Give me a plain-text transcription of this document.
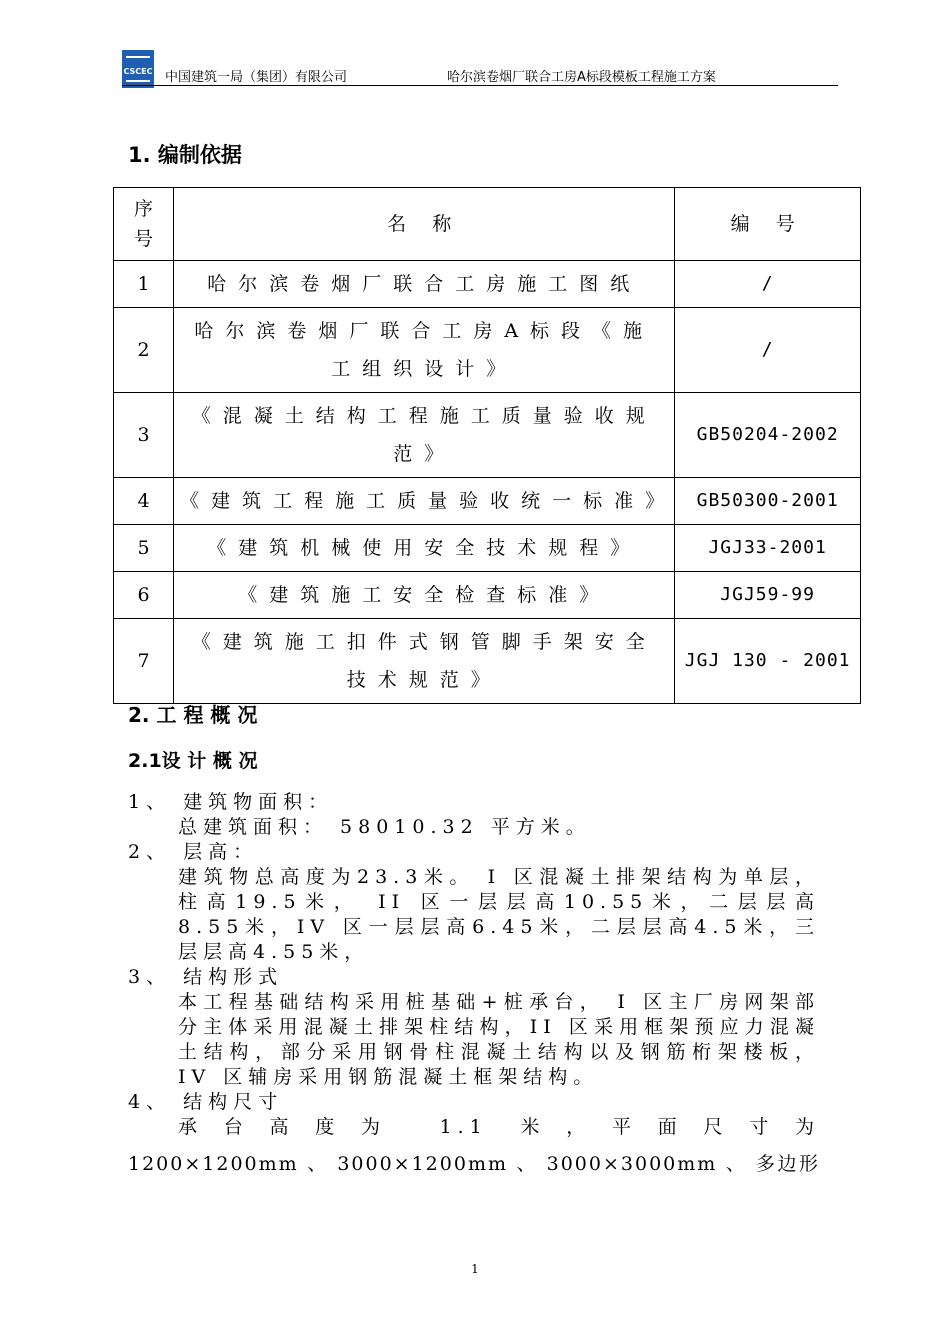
CSCEC 中国建筑一局（集团）有限公司	哈尔滨卷烟厂联合工房A标段模板工程施工方案
1. 编制依据
序号	名 称	编 号
1	哈尔滨卷烟厂联合工房施工图纸	/
2	哈尔滨卷烟厂联合工房A标段《施工组织设计》	/
3	《混凝土结构工程施工质量验收规范》	GB50204-2002
4	《建筑工程施工质量验收统一标准》	GB50300-2001
5	《建筑机械使用安全技术规程》	JGJ33-2001
6	《建筑施工安全检查标准》	JGJ59-99
7	《建筑施工扣件式钢管脚手架安全技术规范》	JGJ 130 - 2001
2. 工 程 概 况
2.1设 计 概 况

1、 建筑物面积：

总建筑面积： 58010.32 平方米。

2、 层高：

建筑物总高度为23.3米。 I 区混凝土排架结构为单层，柱高19.5米， II 区一层层高10.55米，二层层高8.55米，IV 区一层层高6.45米，二层层高4.5米，三层层高4.55米，

3、 结构形式

本工程基础结构采用桩基础+桩承台， I 区主厂房网架部分主体采用混凝土排架柱结构，II 区采用框架预应力混凝土结构，部分采用钢骨柱混凝土结构以及钢筋桁架楼板，IV 区辅房采用钢筋混凝土框架结构。

4、 结构尺寸

承台高度为 1.1 米，平面尺寸为

1200×1200mm 、 3000×1200mm 、 3000×3000mm 、 多边形

1
